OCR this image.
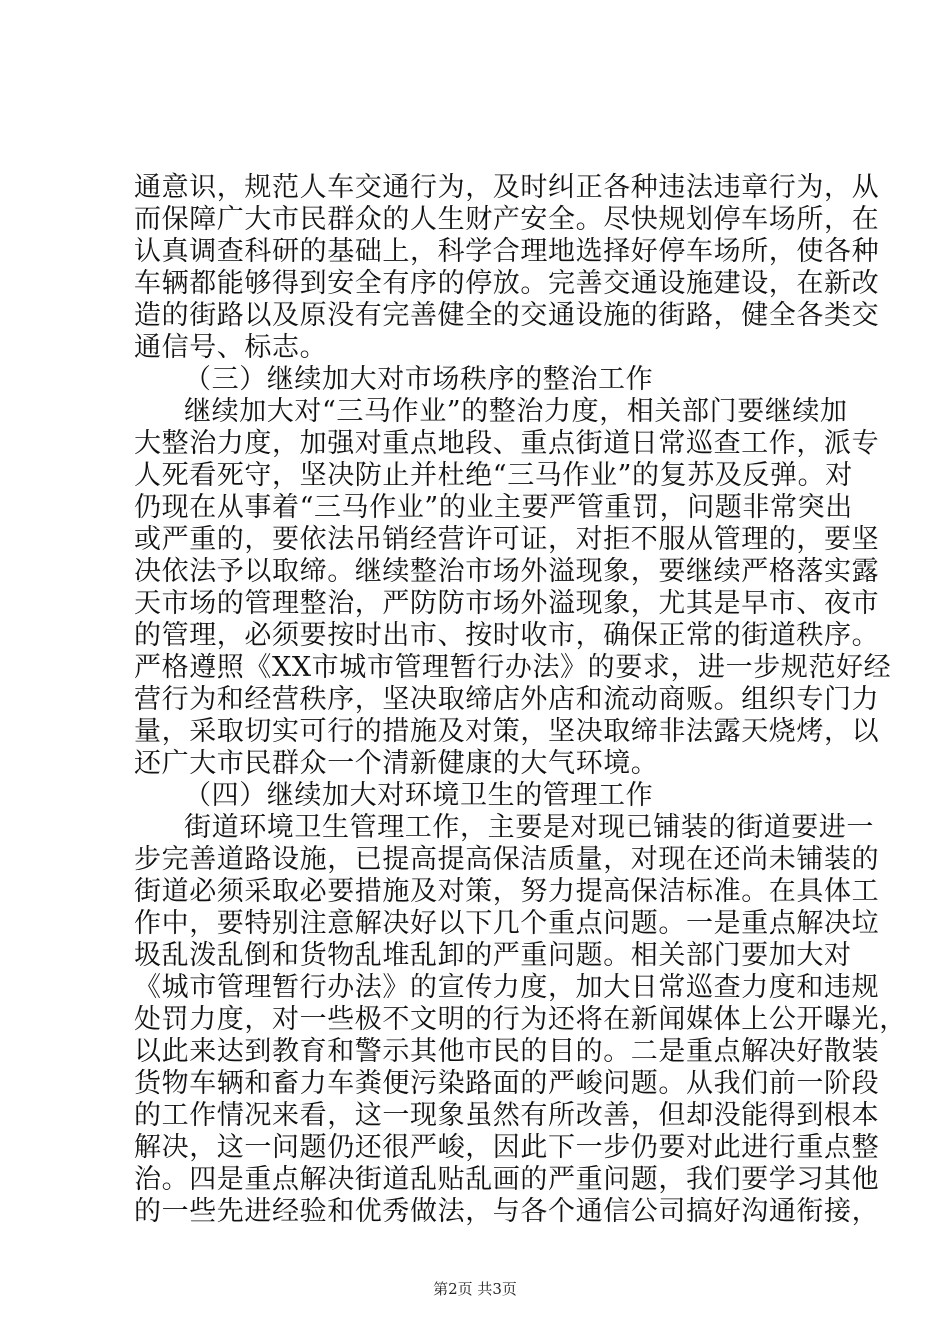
通意识，规范人车交通行为，及时纠正各种违法违章行为，从
而保障广大市民群众的人生财产安全。尽快规划停车场所，在
认真调查科研的基础上，科学合理地选择好停车场所，使各种
车辆都能够得到安全有序的停放。完善交通设施建设，在新改
造的街路以及原没有完善健全的交通设施的街路，健全各类交
通信号、标志。
（三）继续加大对市场秩序的整治工作
继续加大对“三马作业”的整治力度，相关部门要继续加
大整治力度，加强对重点地段、重点街道日常巡查工作，派专
人死看死守，坚决防止并杜绝“三马作业”的复苏及反弹。对
仍现在从事着“三马作业”的业主要严管重罚，问题非常突出
或严重的，要依法吊销经营许可证，对拒不服从管理的，要坚
决依法予以取缔。继续整治市场外溢现象，要继续严格落实露
天市场的管理整治，严防防市场外溢现象，尤其是早市、夜市
的管理，必须要按时出市、按时收市，确保正常的街道秩序。
严格遵照《XX市城市管理暂行办法》的要求，进一步规范好经
营行为和经营秩序，坚决取缔店外店和流动商贩。组织专门力
量，采取切实可行的措施及对策，坚决取缔非法露天烧烤，以
还广大市民群众一个清新健康的大气环境。
（四）继续加大对环境卫生的管理工作
街道环境卫生管理工作，主要是对现已铺装的街道要进一
步完善道路设施，已提高提高保洁质量，对现在还尚未铺装的
街道必须采取必要措施及对策，努力提高保洁标准。在具体工
作中，要特别注意解决好以下几个重点问题。一是重点解决垃
圾乱泼乱倒和货物乱堆乱卸的严重问题。相关部门要加大对
《城市管理暂行办法》的宣传力度，加大日常巡查力度和违规
处罚力度，对一些极不文明的行为还将在新闻媒体上公开曝光，
以此来达到教育和警示其他市民的目的。二是重点解决好散装
货物车辆和畜力车粪便污染路面的严峻问题。从我们前一阶段
的工作情况来看，这一现象虽然有所改善，但却没能得到根本
解决，这一问题仍还很严峻，因此下一步仍要对此进行重点整
治。四是重点解决街道乱贴乱画的严重问题，我们要学习其他
的一些先进经验和优秀做法，与各个通信公司搞好沟通衔接，
第2页 共3页
